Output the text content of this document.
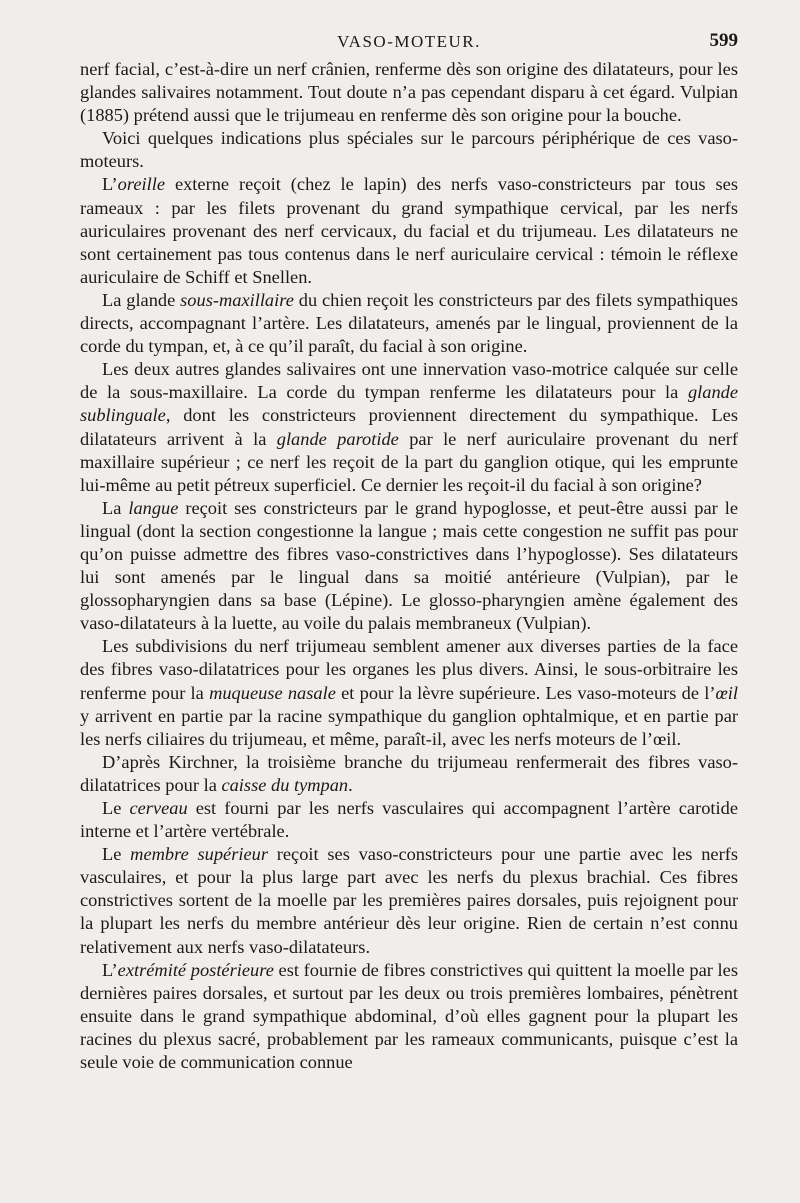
VASO-MOTEUR.	599

nerf facial, c’est-à-dire un nerf crânien, renferme dès son origine des dilatateurs, pour les glandes salivaires notamment. Tout doute n’a pas cependant disparu à cet égard. Vulpian (1885) prétend aussi que le trijumeau en renferme dès son origine pour la bouche.

Voici quelques indications plus spéciales sur le parcours périphérique de ces vaso-moteurs.

L’oreille externe reçoit (chez le lapin) des nerfs vaso-constricteurs par tous ses rameaux : par les filets provenant du grand sympathique cervical, par les nerfs auriculaires provenant des nerf cervicaux, du facial et du trijumeau. Les dilatateurs ne sont certainement pas tous contenus dans le nerf auriculaire cervical : témoin le réflexe auriculaire de Schiff et Snellen.

La glande sous-maxillaire du chien reçoit les constricteurs par des filets sympathiques directs, accompagnant l’artère. Les dilatateurs, amenés par le lingual, proviennent de la corde du tympan, et, à ce qu’il paraît, du facial à son origine.

Les deux autres glandes salivaires ont une innervation vaso-motrice calquée sur celle de la sous-maxillaire. La corde du tympan renferme les dilatateurs pour la glande sublinguale, dont les constricteurs proviennent directement du sympathique. Les dilatateurs arrivent à la glande parotide par le nerf auriculaire provenant du nerf maxillaire supérieur ; ce nerf les reçoit de la part du ganglion otique, qui les emprunte lui-même au petit pétreux superficiel. Ce dernier les reçoit-il du facial à son origine?

La langue reçoit ses constricteurs par le grand hypoglosse, et peut-être aussi par le lingual (dont la section congestionne la langue ; mais cette congestion ne suffit pas pour qu’on puisse admettre des fibres vaso-constrictives dans l’hypoglosse). Ses dilatateurs lui sont amenés par le lingual dans sa moitié antérieure (Vulpian), par le glossopharyngien dans sa base (Lépine). Le glosso-pharyngien amène également des vaso-dilatateurs à la luette, au voile du palais membraneux (Vulpian).

Les subdivisions du nerf trijumeau semblent amener aux diverses parties de la face des fibres vaso-dilatatrices pour les organes les plus divers. Ainsi, le sous-orbitraire les renferme pour la muqueuse nasale et pour la lèvre supérieure. Les vaso-moteurs de l’œil y arrivent en partie par la racine sympathique du ganglion ophtalmique, et en partie par les nerfs ciliaires du trijumeau, et même, paraît-il, avec les nerfs moteurs de l’œil.

D’après Kirchner, la troisième branche du trijumeau renfermerait des fibres vaso-dilatatrices pour la caisse du tympan.

Le cerveau est fourni par les nerfs vasculaires qui accompagnent l’artère carotide interne et l’artère vertébrale.

Le membre supérieur reçoit ses vaso-constricteurs pour une partie avec les nerfs vasculaires, et pour la plus large part avec les nerfs du plexus brachial. Ces fibres constrictives sortent de la moelle par les premières paires dorsales, puis rejoignent pour la plupart les nerfs du membre antérieur dès leur origine. Rien de certain n’est connu relativement aux nerfs vaso-dilatateurs.

L’extrémité postérieure est fournie de fibres constrictives qui quittent la moelle par les dernières paires dorsales, et surtout par les deux ou trois premières lombaires, pénètrent ensuite dans le grand sympathique abdominal, d’où elles gagnent pour la plupart les racines du plexus sacré, probablement par les rameaux communicants, puisque c’est la seule voie de communication connue
